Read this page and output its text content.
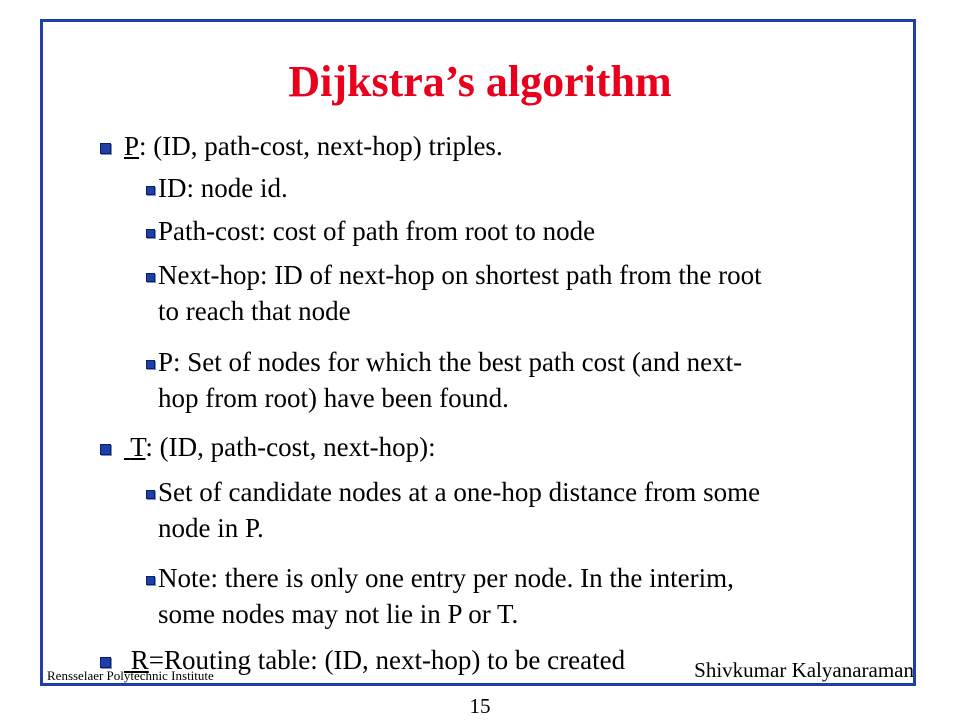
Dijkstra’s algorithm
P: (ID, path-cost, next-hop) triples.
ID: node id.
Path-cost: cost of path from root to node
Next-hop: ID of next-hop on shortest path from the root
to reach that node
P: Set of nodes for which the best path cost (and next-
hop from root) have been found.
T: (ID, path-cost, next-hop):
Set of candidate nodes at a one-hop distance from some
node in P.
Note: there is only one entry per node. In the interim,
some nodes may not lie in P or T.
R=Routing table: (ID, next-hop) to be created
Rensselaer Polytechnic Institute	Shivkumar Kalyanaraman
15
